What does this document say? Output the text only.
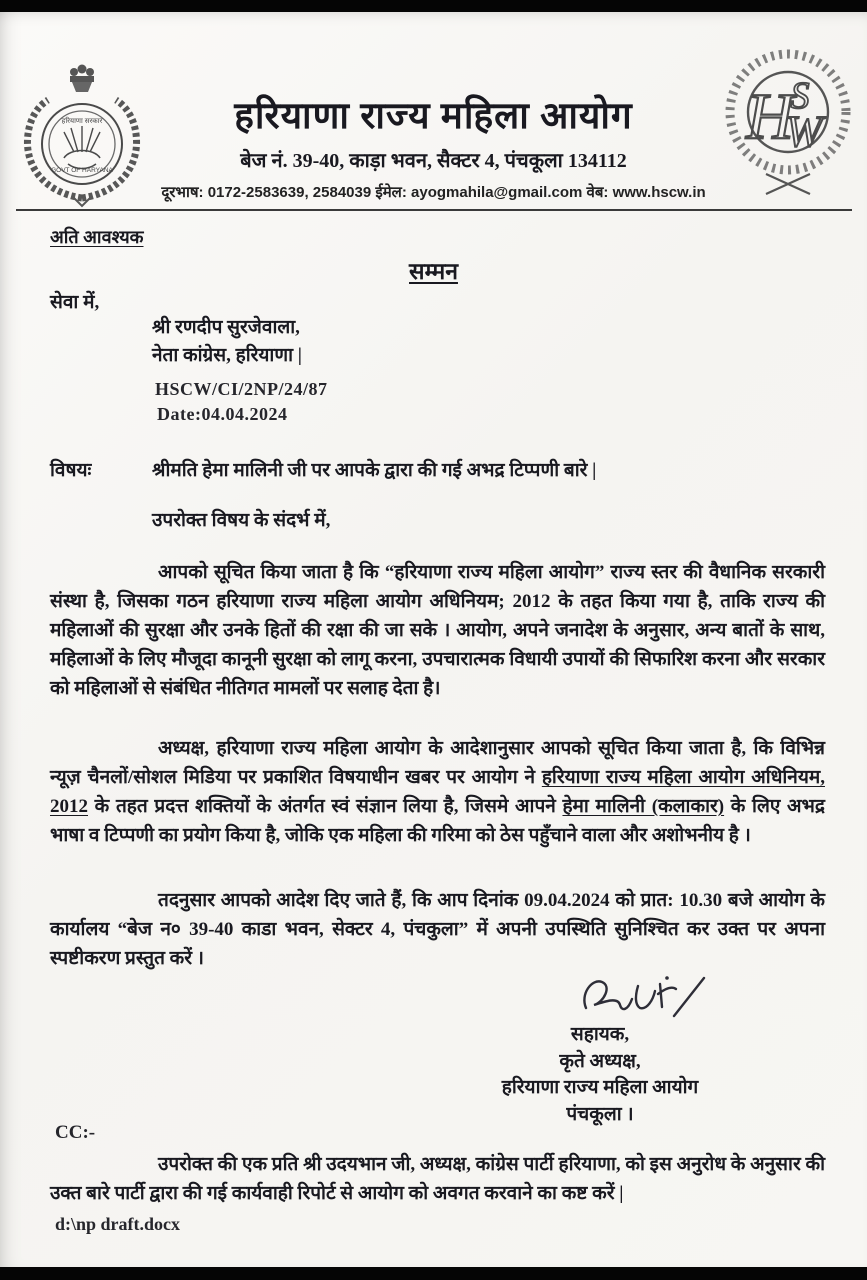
हरियाणा सरकार
GOVT OF HARYANA
H
S
W
हरियाणा राज्य महिला आयोग
बेज नं. 39-40, काड़ा भवन, सैक्टर 4, पंचकूला 134112
दूरभाष: 0172-2583639, 2584039 ईमेल: ayogmahila@gmail.com वेब: www.hscw.in
अति आवश्यक
सम्मन
सेवा में,
श्री रणदीप सुरजेवाला,
नेता कांग्रेस, हरियाणा |
HSCW/CI/2NP/24/87
Date:04.04.2024
विषयः	श्रीमति हेमा मालिनी जी पर आपके द्वारा की गई अभद्र टिप्पणी बारे |
उपरोक्त विषय के संदर्भ में,
आपको सूचित किया जाता है कि “हरियाणा राज्य महिला आयोग” राज्य स्तर की वैधानिक सरकारी संस्था है, जिसका गठन हरियाणा राज्य महिला आयोग अधिनियम; 2012 के तहत किया गया है, ताकि राज्य की महिलाओं की सुरक्षा और उनके हितों की रक्षा की जा सके । आयोग, अपने जनादेश के अनुसार, अन्य बातों के साथ, महिलाओं के लिए मौजूदा कानूनी सुरक्षा को लागू करना, उपचारात्मक विधायी उपायों की सिफारिश करना और सरकार को महिलाओं से संबंधित नीतिगत मामलों पर सलाह देता है।
अध्यक्ष, हरियाणा राज्य महिला आयोग के आदेशानुसार आपको सूचित किया जाता है, कि विभिन्न न्यूज़ चैनलों/सोशल मिडिया पर प्रकाशित विषयाधीन खबर पर आयोग ने हरियाणा राज्य महिला आयोग अधिनियम, 2012 के तहत प्रदत्त शक्तियों के अंतर्गत स्वं संज्ञान लिया है, जिसमे आपने हेमा मालिनी (कलाकार) के लिए अभद्र भाषा व टिप्पणी का प्रयोग किया है, जोकि एक महिला की गरिमा को ठेस पहुँचाने वाला और अशोभनीय है ।
तदनुसार आपको आदेश दिए जाते हैं, कि आप दिनांक 09.04.2024 को प्रात: 10.30 बजे आयोग के कार्यालय “बेज न० 39-40 काडा भवन, सेक्टर 4, पंचकुला” में अपनी उपस्थिति सुनिश्चित कर उक्त पर अपना स्पष्टीकरण प्रस्तुत करें ।
सहायक,
कृते अध्यक्ष,
हरियाणा राज्य महिला आयोग
पंचकूला ।
CC:-
उपरोक्त की एक प्रति श्री उदयभान जी, अध्यक्ष, कांग्रेस पार्टी हरियाणा, को इस अनुरोध के अनुसार की उक्त बारे पार्टी द्वारा की गई कार्यवाही रिपोर्ट से आयोग को अवगत करवाने का कष्ट करें |
d:\np draft.docx
